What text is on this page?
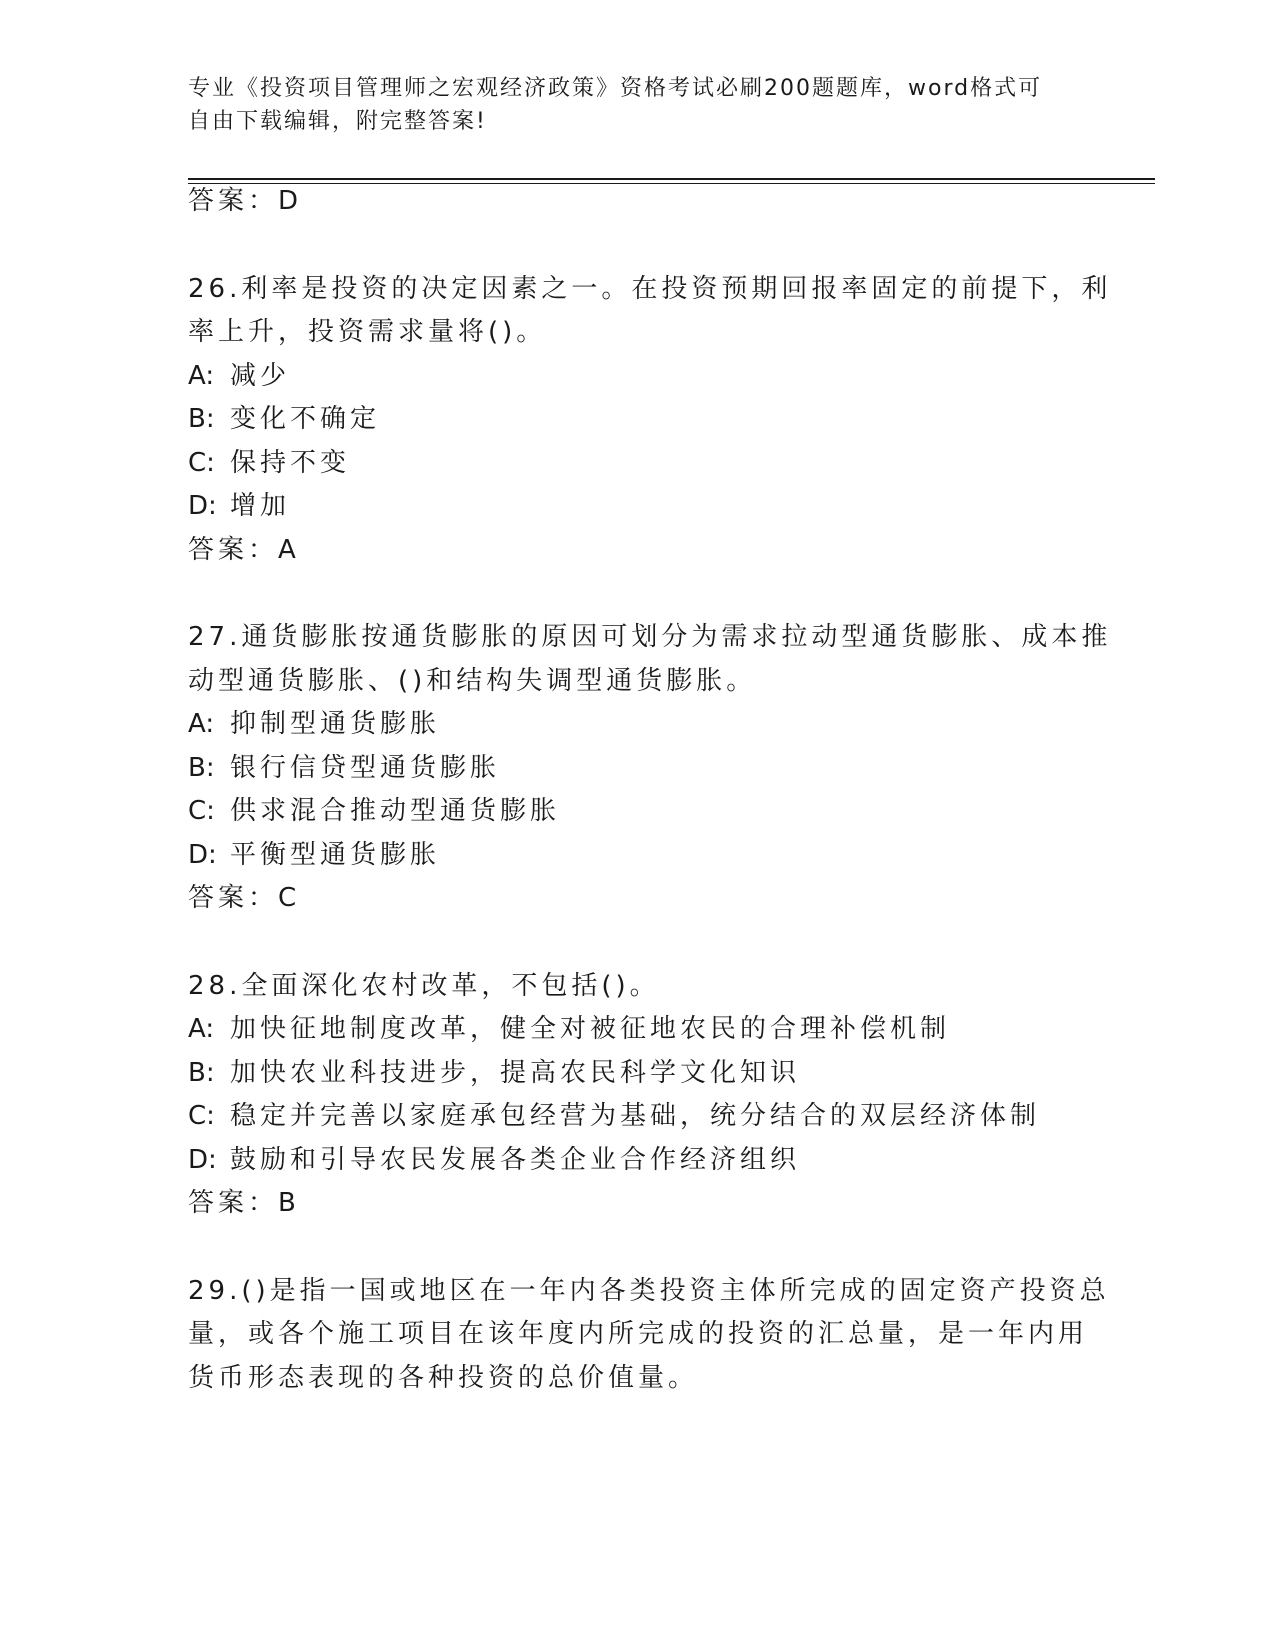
专业《投资项目管理师之宏观经济政策》资格考试必刷200题题库，word格式可
自由下载编辑，附完整答案!
答案：D
26.利率是投资的决定因素之一。在投资预期回报率固定的前提下，利
率上升，投资需求量将()。
A: 减少
B: 变化不确定
C: 保持不变
D: 增加
答案：A
27.通货膨胀按通货膨胀的原因可划分为需求拉动型通货膨胀、成本推
动型通货膨胀、()和结构失调型通货膨胀。
A: 抑制型通货膨胀
B: 银行信贷型通货膨胀
C: 供求混合推动型通货膨胀
D: 平衡型通货膨胀
答案：C
28.全面深化农村改革，不包括()。
A: 加快征地制度改革，健全对被征地农民的合理补偿机制
B: 加快农业科技进步，提高农民科学文化知识
C: 稳定并完善以家庭承包经营为基础，统分结合的双层经济体制
D: 鼓励和引导农民发展各类企业合作经济组织
答案：B
29.()是指一国或地区在一年内各类投资主体所完成的固定资产投资总
量，或各个施工项目在该年度内所完成的投资的汇总量，是一年内用
货币形态表现的各种投资的总价值量。
